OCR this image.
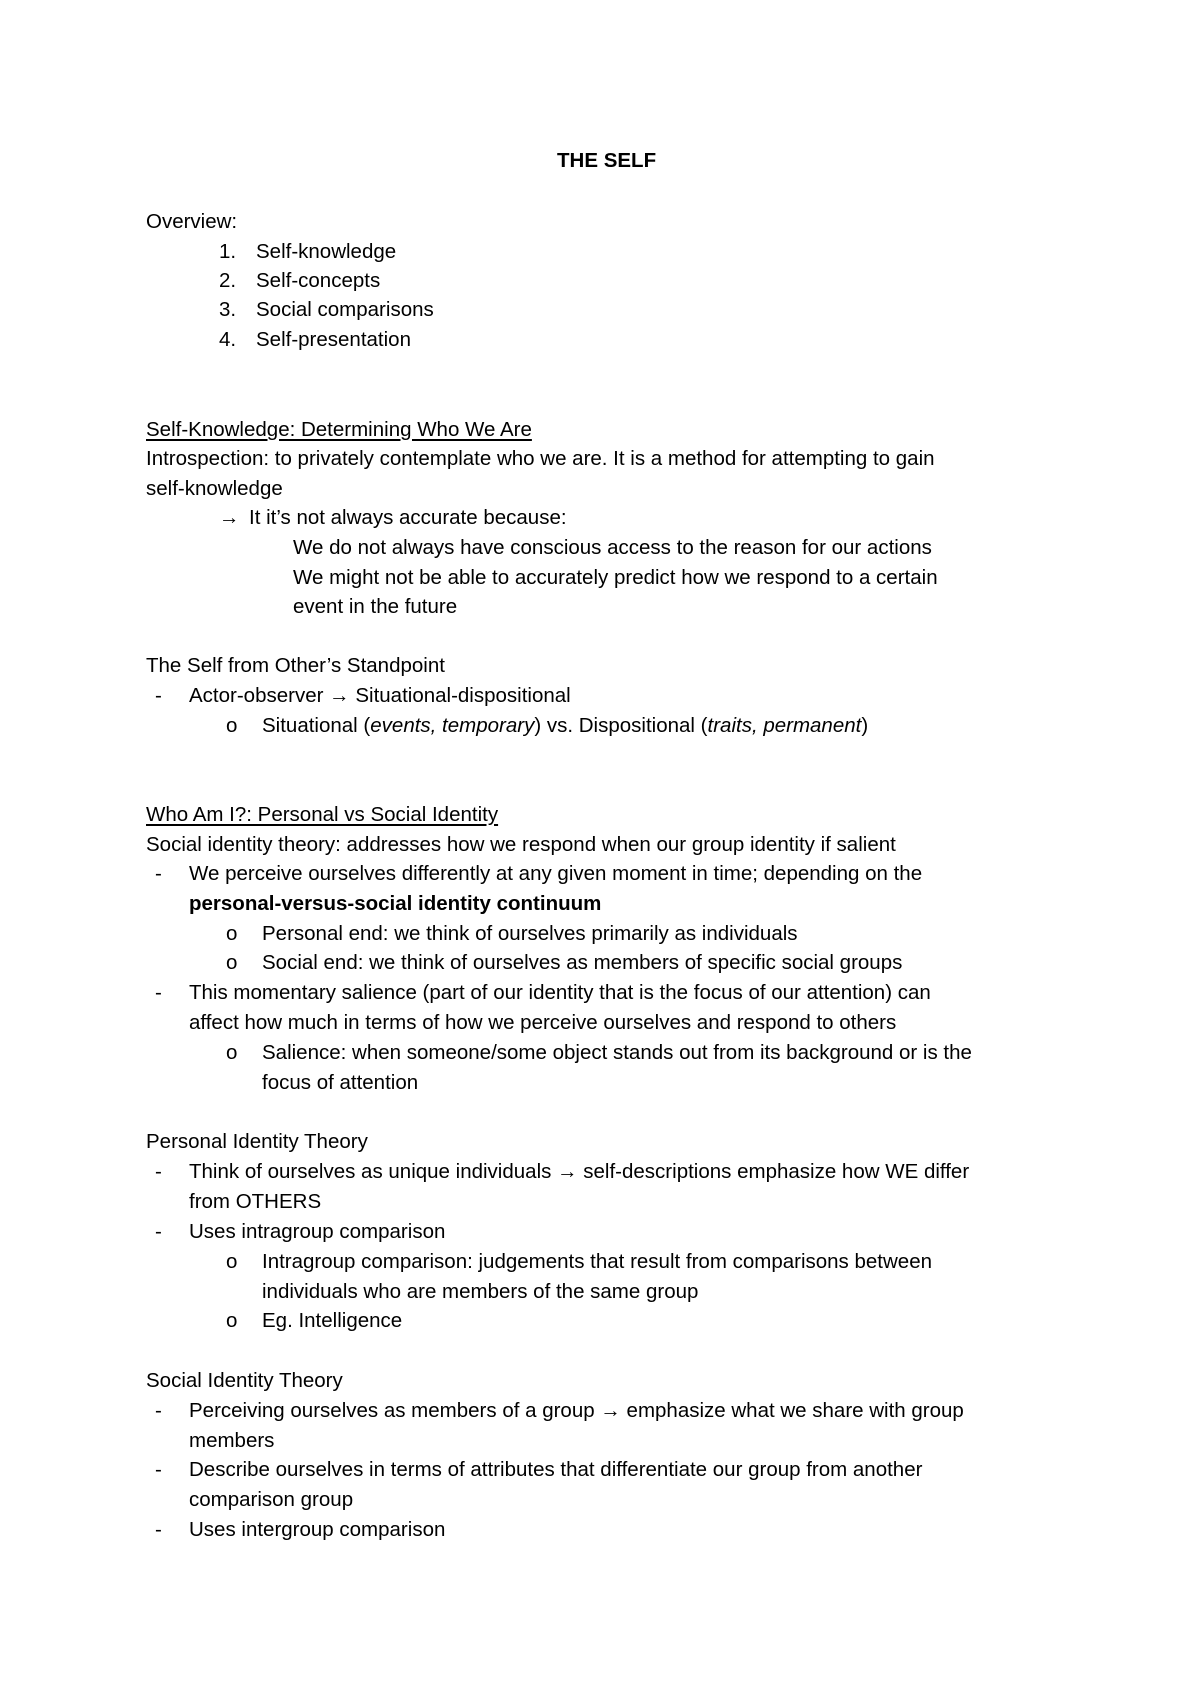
THE SELF
Overview:
1. Self-knowledge
2. Self-concepts
3. Social comparisons
4. Self-presentation
Self-Knowledge: Determining Who We Are
Introspection: to privately contemplate who we are. It is a method for attempting to gain
self-knowledge
→ It it’s not always accurate because:
We do not always have conscious access to the reason for our actions
We might not be able to accurately predict how we respond to a certain
event in the future
The Self from Other’s Standpoint
- Actor-observer → Situational-dispositional
o Situational (events, temporary) vs. Dispositional (traits, permanent)
Who Am I?: Personal vs Social Identity
Social identity theory: addresses how we respond when our group identity if salient
- We perceive ourselves differently at any given moment in time; depending on the
personal-versus-social identity continuum
o Personal end: we think of ourselves primarily as individuals
o Social end: we think of ourselves as members of specific social groups
- This momentary salience (part of our identity that is the focus of our attention) can
affect how much in terms of how we perceive ourselves and respond to others
o Salience: when someone/some object stands out from its background or is the
focus of attention
Personal Identity Theory
- Think of ourselves as unique individuals → self-descriptions emphasize how WE differ
from OTHERS
- Uses intragroup comparison
o Intragroup comparison: judgements that result from comparisons between
individuals who are members of the same group
o Eg. Intelligence
Social Identity Theory
- Perceiving ourselves as members of a group → emphasize what we share with group
members
- Describe ourselves in terms of attributes that differentiate our group from another
comparison group
- Uses intergroup comparison
